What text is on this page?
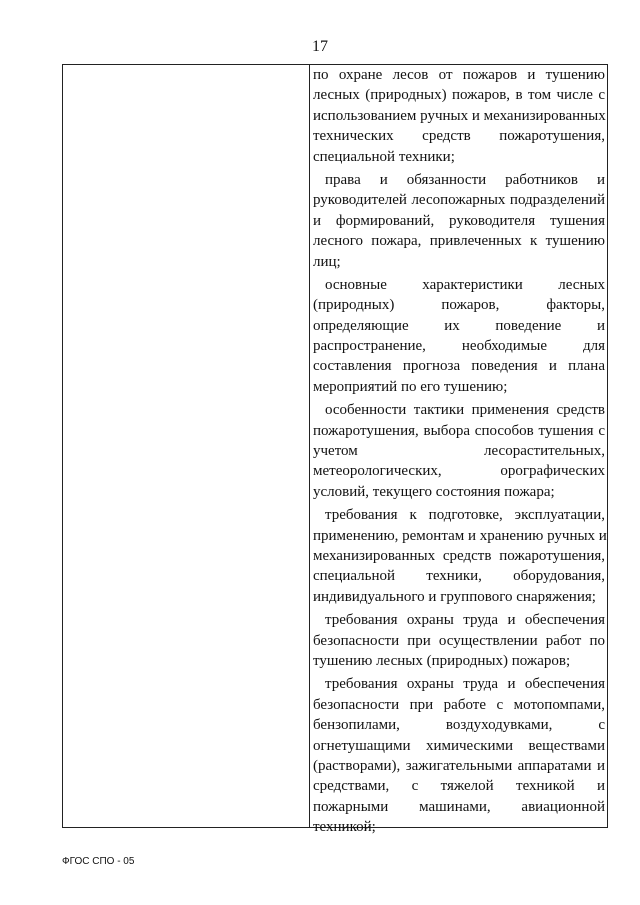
17
по охране лесов от пожаров и тушению
лесных (природных) пожаров, в том числе с
использованием ручных и механизированных
технических средств пожаротушения,
специальной техники;
права и обязанности работников и
руководителей лесопожарных подразделений
и формирований, руководителя тушения
лесного пожара, привлеченных к тушению
лиц;
основные характеристики лесных
(природных) пожаров, факторы,
определяющие их поведение и
распространение, необходимые для
составления прогноза поведения и плана
мероприятий по его тушению;
особенности тактики применения средств
пожаротушения, выбора способов тушения с
учетом лесорастительных,
метеорологических, орографических
условий, текущего состояния пожара;
требования к подготовке, эксплуатации,
применению, ремонтам и хранению ручных и
механизированных средств пожаротушения,
специальной техники, оборудования,
индивидуального и группового снаряжения;
требования охраны труда и обеспечения
безопасности при осуществлении работ по
тушению лесных (природных) пожаров;
требования охраны труда и обеспечения
безопасности при работе с мотопомпами,
бензопилами, воздуходувками, с
огнетушащими химическими веществами
(растворами), зажигательными аппаратами и
средствами, с тяжелой техникой и
пожарными машинами, авиационной
техникой;
ФГОС СПО - 05
